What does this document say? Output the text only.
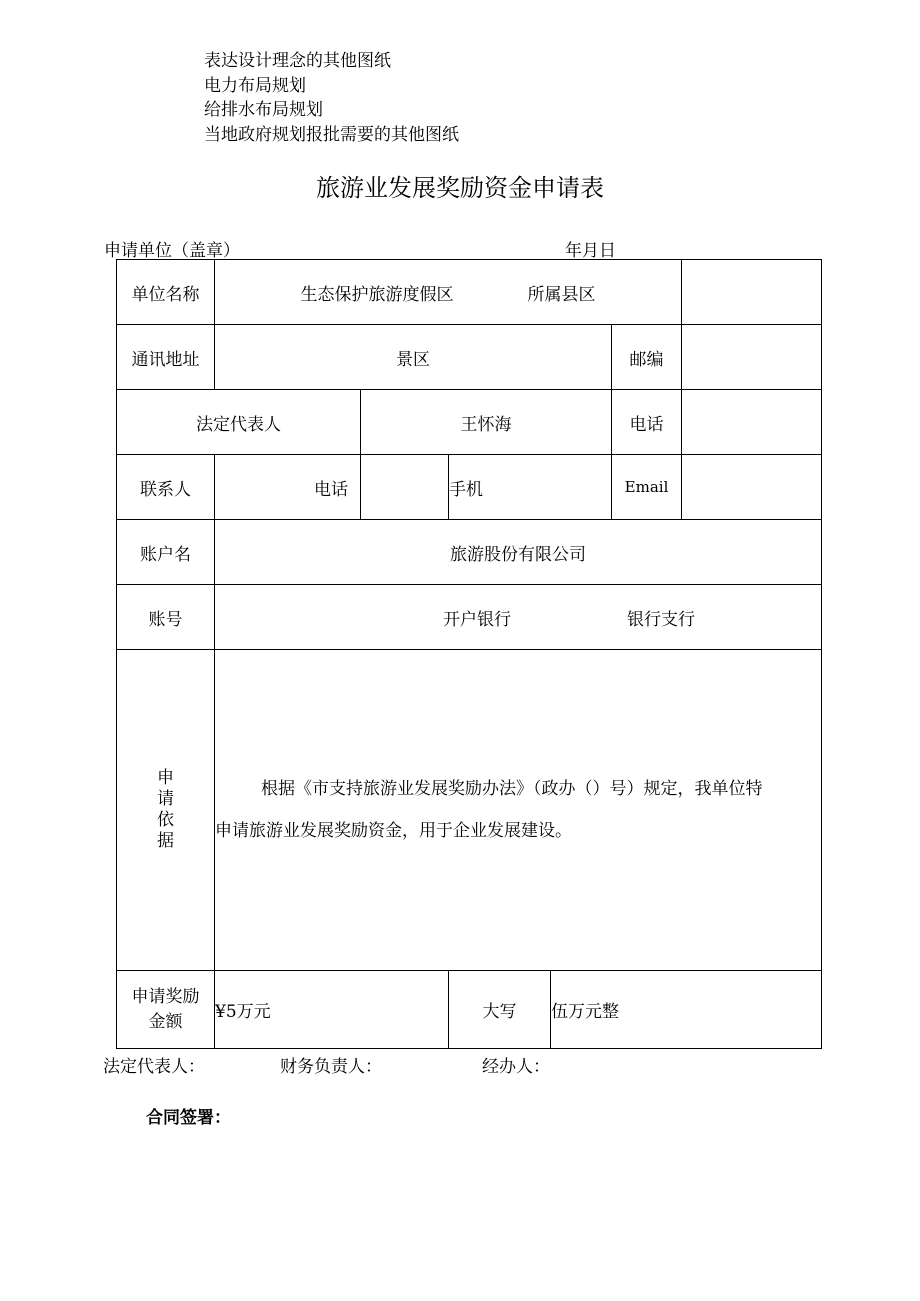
表达设计理念的其他图纸
电力布局规划
给排水布局规划
当地政府规划报批需要的其他图纸
旅游业发展奖励资金申请表
申请单位（盖章）	年月日
单位名称	生态保护旅游度假区 所属县区					
通讯地址	景区				邮编	
法定代表人		王怀海			电话	
联系人	电话		手机		Email	
账户名	旅游股份有限公司					
账号	开户银行 银行支行					

申请依据	根据《市支持旅游业发展奖励办法》（政办（）号）规定，我单位特
申请旅游业发展奖励资金，用于企业发展建设。					

申请奖励金额	¥5万元		大写	伍万元整		
法定代表人：	财务负责人：	经办人：
合同签署：
